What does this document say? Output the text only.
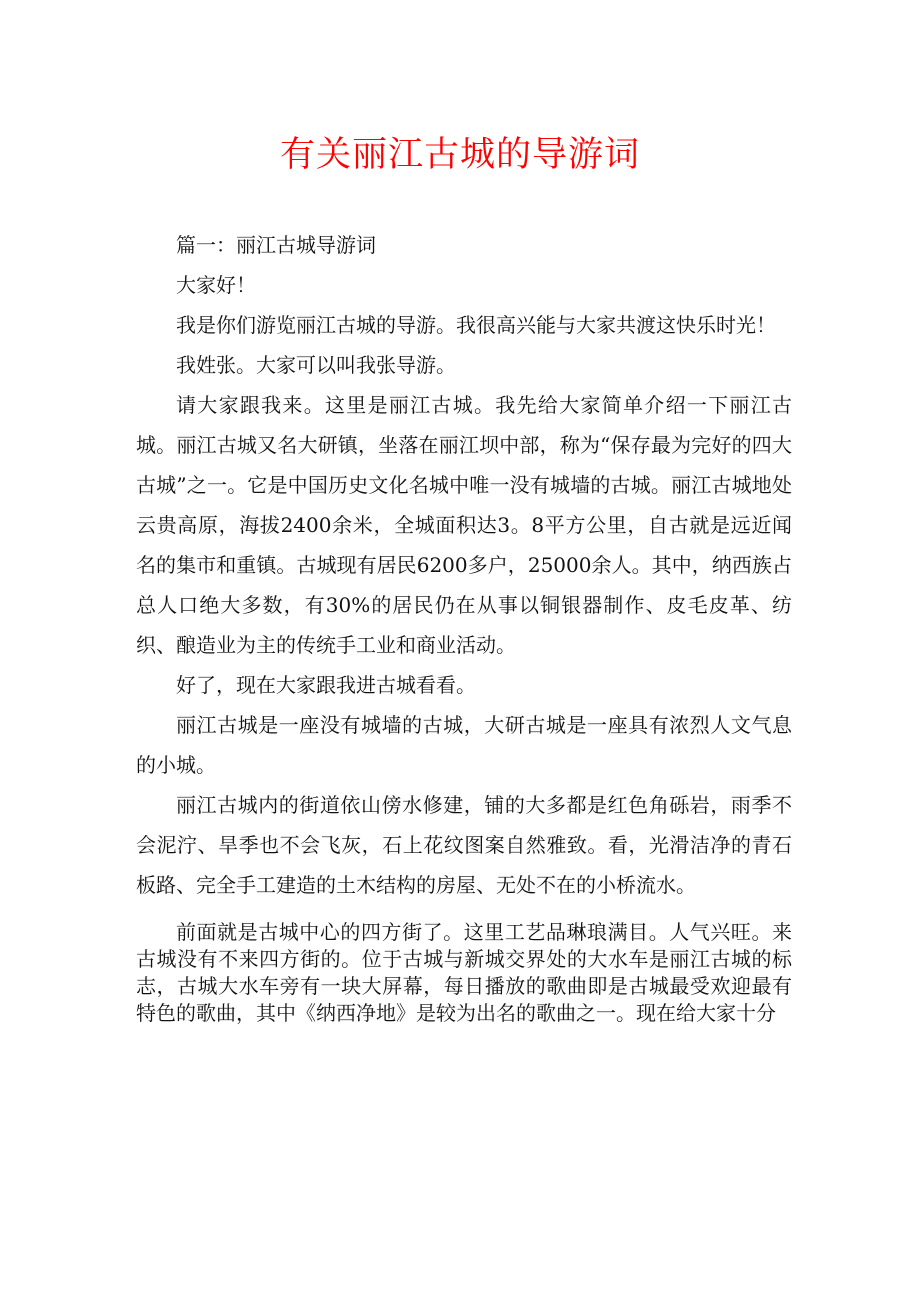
有关丽江古城的导游词

篇一：丽江古城导游词

大家好！

我是你们游览丽江古城的导游。我很高兴能与大家共渡这快乐时光！

我姓张。大家可以叫我张导游。

请大家跟我来。这里是丽江古城。我先给大家简单介绍一下丽江古城。丽江古城又名大研镇，坐落在丽江坝中部，称为“保存最为完好的四大古城”之一。它是中国历史文化名城中唯一没有城墙的古城。丽江古城地处云贵高原，海拔2400余米，全城面积达3。8平方公里，自古就是远近闻名的集市和重镇。古城现有居民6200多户，25000余人。其中，纳西族占总人口绝大多数，有30%的居民仍在从事以铜银器制作、皮毛皮革、纺织、酿造业为主的传统手工业和商业活动。

好了，现在大家跟我进古城看看。

丽江古城是一座没有城墙的古城，大研古城是一座具有浓烈人文气息的小城。

丽江古城内的街道依山傍水修建，铺的大多都是红色角砾岩，雨季不会泥泞、旱季也不会飞灰，石上花纹图案自然雅致。看，光滑洁净的青石板路、完全手工建造的土木结构的房屋、无处不在的小桥流水。

前面就是古城中心的四方街了。这里工艺品琳琅满目。人气兴旺。来古城没有不来四方街的。位于古城与新城交界处的大水车是丽江古城的标志，古城大水车旁有一块大屏幕，每日播放的歌曲即是古城最受欢迎最有特色的歌曲，其中《纳西净地》是较为出名的歌曲之一。现在给大家十分
